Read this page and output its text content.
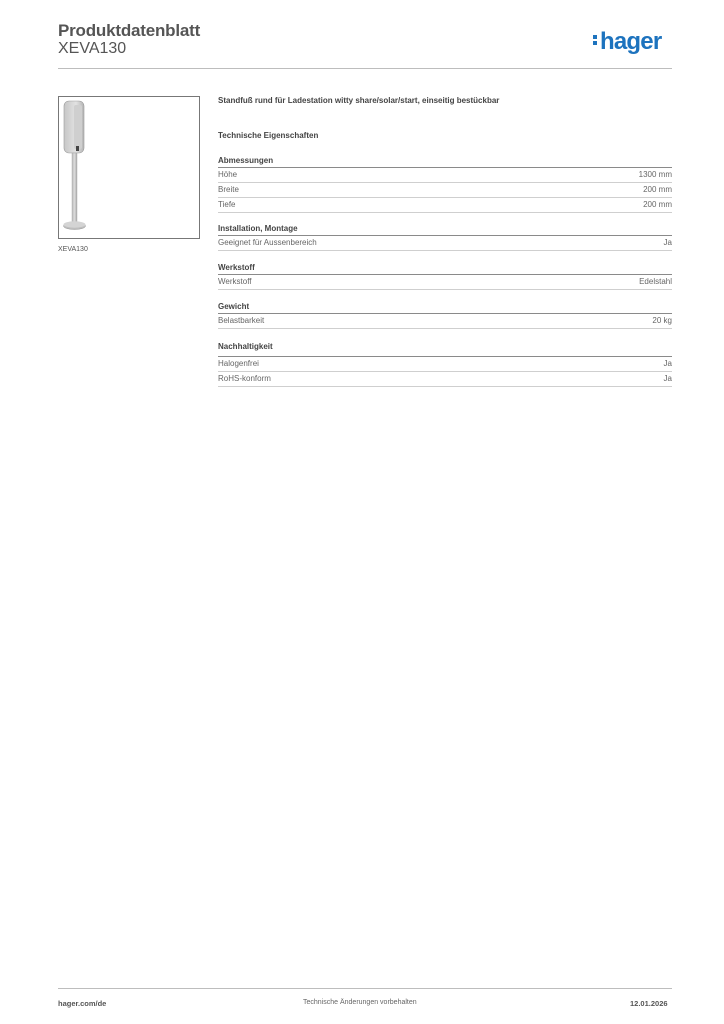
Produktdatenblatt
XEVA130	hager
XEVA130
Standfuß rund für Ladestation witty share/solar/start, einseitig bestückbar
Technische Eigenschaften
Abmessungen
Höhe	1300 mm
Breite	200 mm
Tiefe	200 mm
Installation, Montage
Geeignet für Aussenbereich	Ja
Werkstoff
Werkstoff	Edelstahl
Gewicht
Belastbarkeit	20 kg
Nachhaltigkeit
Halogenfrei	Ja
RoHS-konform	Ja
hager.com/de	Technische Änderungen vorbehalten	12.01.2026
